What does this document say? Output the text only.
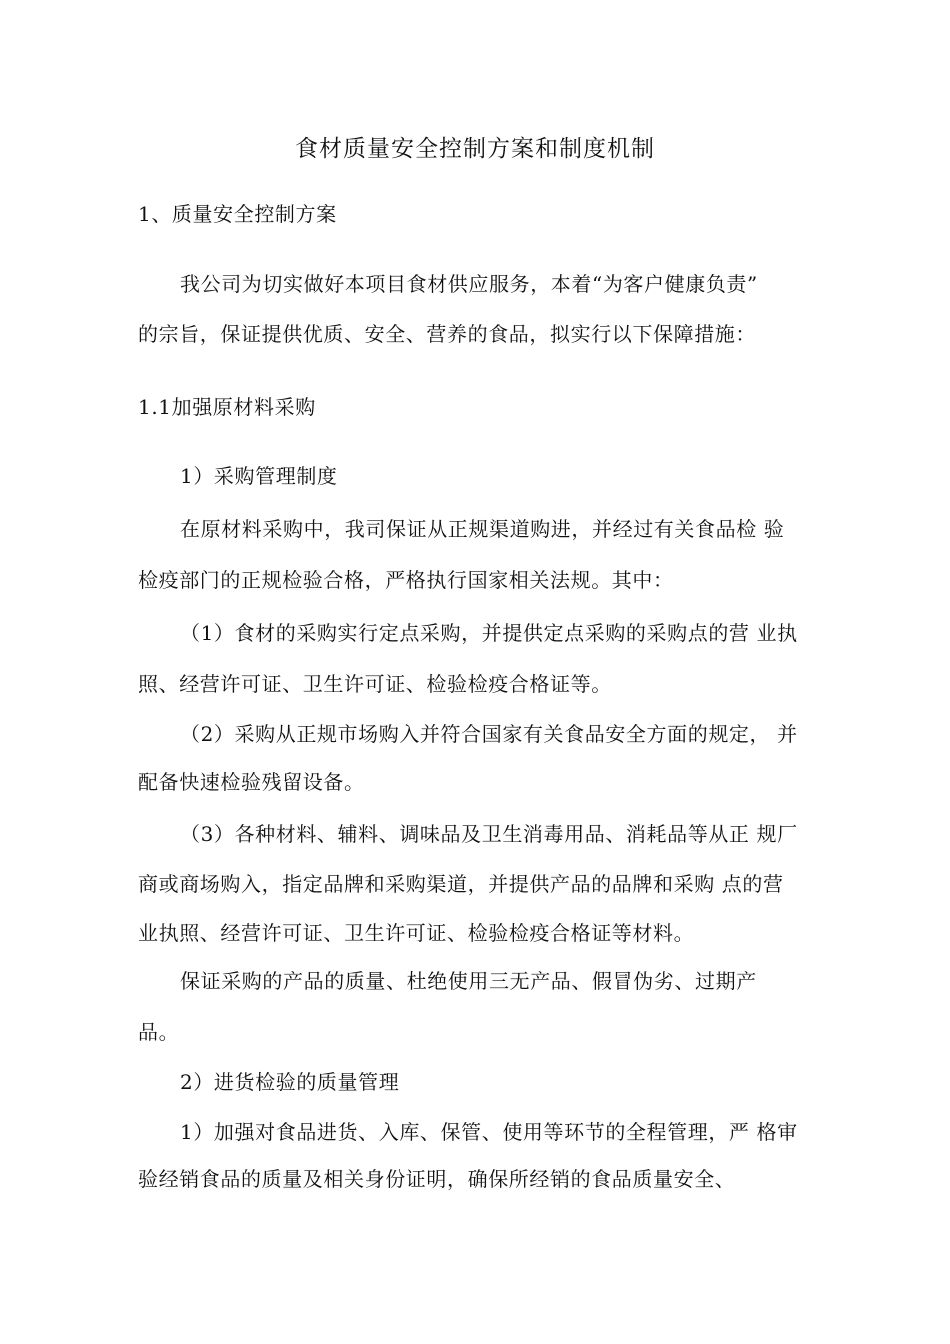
食材质量安全控制方案和制度机制
1、质量安全控制方案
我公司为切实做好本项目食材供应服务，本着“为客户健康负责”
的宗旨，保证提供优质、安全、营养的食品，拟实行以下保障措施：
1.1加强原材料采购
1）采购管理制度
在原材料采购中，我司保证从正规渠道购进，并经过有关食品检 验
检疫部门的正规检验合格，严格执行国家相关法规。其中：
（1）食材的采购实行定点采购，并提供定点采购的采购点的营 业执
照、经营许可证、卫生许可证、检验检疫合格证等。
（2）采购从正规市场购入并符合国家有关食品安全方面的规定， 并
配备快速检验残留设备。
（3）各种材料、辅料、调味品及卫生消毒用品、消耗品等从正 规厂
商或商场购入，指定品牌和采购渠道，并提供产品的品牌和采购 点的营
业执照、经营许可证、卫生许可证、检验检疫合格证等材料。
保证采购的产品的质量、杜绝使用三无产品、假冒伪劣、过期产
品。
2）进货检验的质量管理
1）加强对食品进货、入库、保管、使用等环节的全程管理，严 格审
验经销食品的质量及相关身份证明，确保所经销的食品质量安全、
